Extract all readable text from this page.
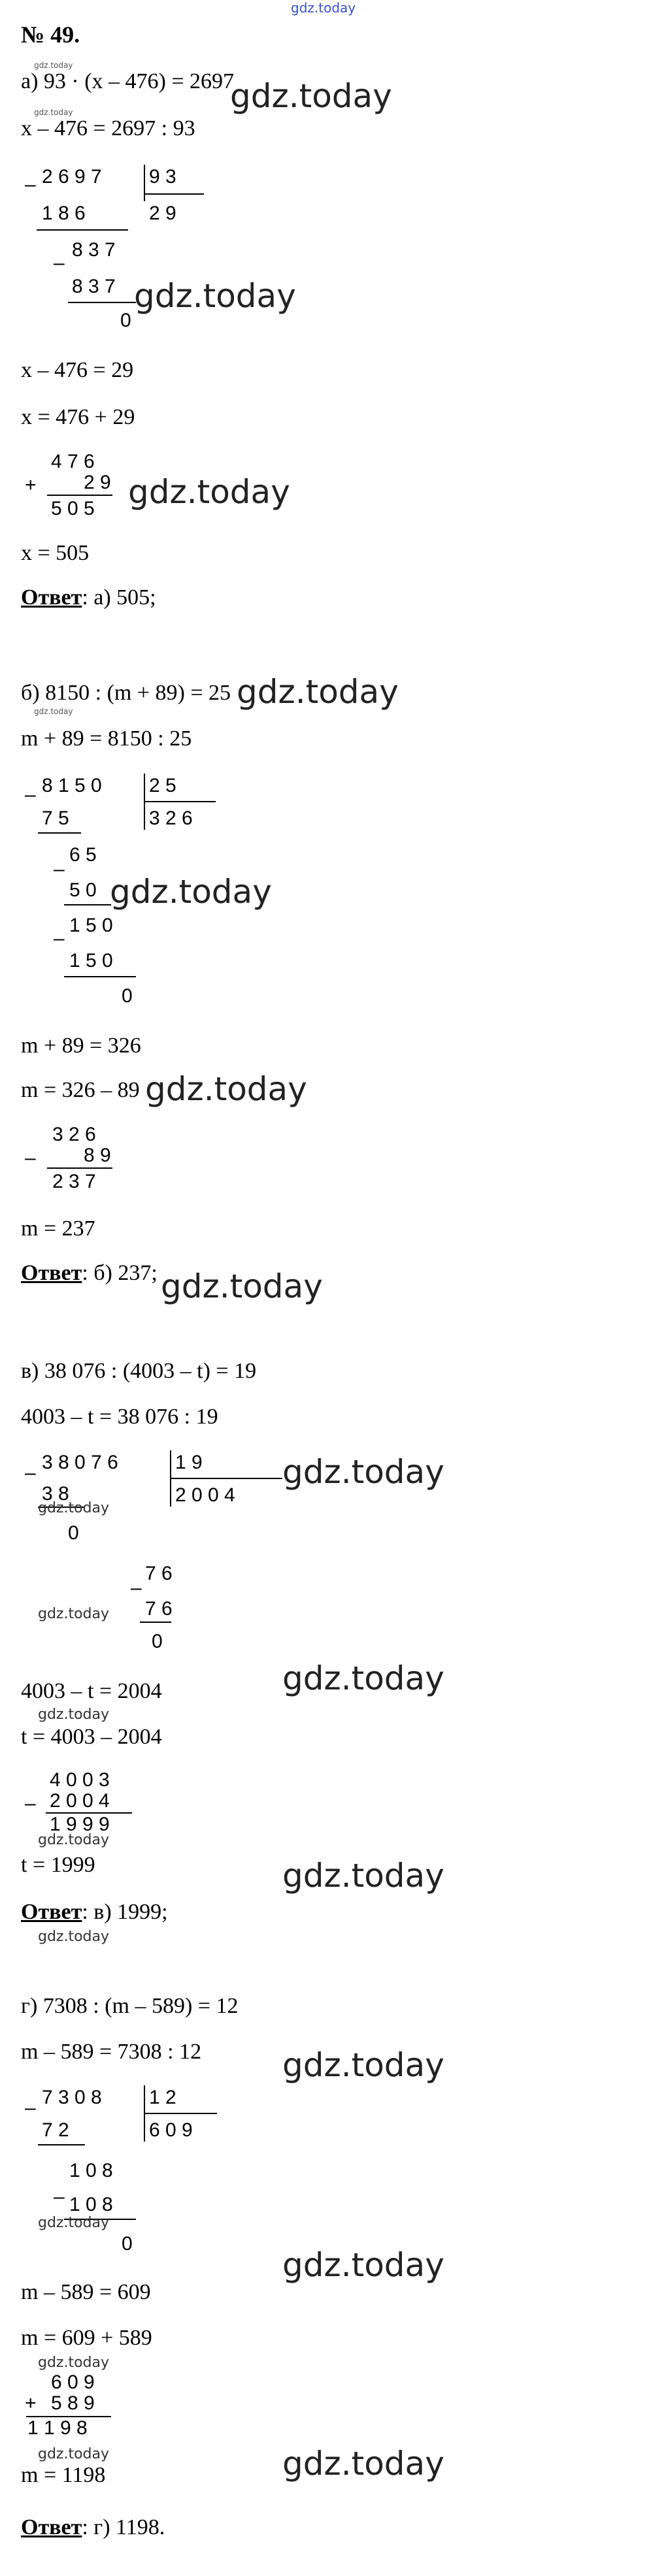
gdz.today
№ 49.
gdz.today
а) 93 · (x – 476) = 2697
gdz.today
gdz.today
x – 476 = 2697 : 93
– 2 6 9 7 9 3
1 8 6	2 9
–
8 3 7
8 3 7
0
gdz.today
x – 476 = 29
x = 476 + 29
4 7 6
+ 2 9
5 0 5 gdz.today
x = 505
Ответ: а) 505;
б) 8150 : (m + 89) = 25 gdz.today
gdz.today
m + 89 = 8150 : 25
– 8 1 5 0 2 5
7 5	3 2 6
–
6 5
5 0
–
1 5 0
1 5 0
0
gdz.today
m + 89 = 326
m = 326 – 89 gdz.today
3 2 6
– 8 9
2 3 7
m = 237
Ответ: б) 237; gdz.today
в) 38 076 : (4003 – t) = 19
4003 – t = 38 076 : 19
– 3 8 0 7 6	1 9
3 8	2 0 0 4
0
–
7 6
7 6
0
gdz.today
gdz.today
gdz.today
4003 – t = 2004	gdz.today
gdz.today
t = 4003 – 2004
4 0 0 3
– 2 0 0 4
1 9 9 9
gdz.today
t = 1999	gdz.today
Ответ: в) 1999;
gdz.today
г) 7308 : (m – 589) = 12
m – 589 = 7308 : 12 gdz.today
– 7 3 0 8 1 2
7 2	6 0 9
–
1 0 8
1 0 8
0
gdz.today
m – 589 = 609
gdz.today
m = 609 + 589
gdz.today
6 0 9
+ 5 8 9
1 1 9 8
gdz.today	gdz.today
m = 1198
Ответ: г) 1198.
